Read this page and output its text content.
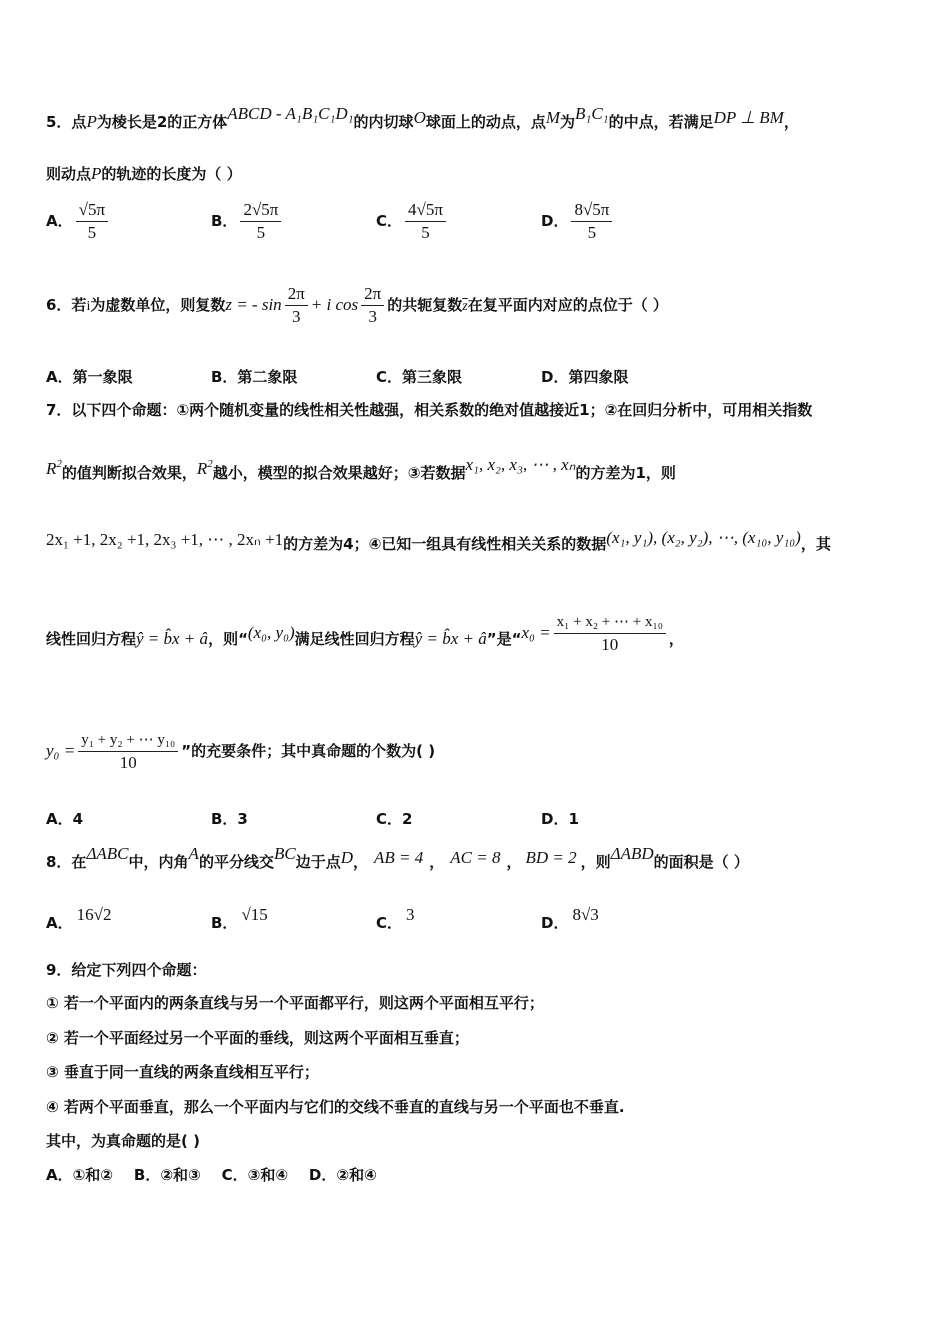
5．点P为棱长是2的正方体ABCD - A₁B₁C₁D₁的内切球O球面上的动点，点M为B₁C₁的中点，若满足DP ⊥ BM，
则动点P的轨迹的长度为（ ）
A． $\frac{√5\pi}{5}$	B． $\frac{2√5\pi}{5}$	C． $\frac{4√5\pi}{5}$	D． $\frac{8√5\pi}{5}$
6．若i为虚数单位，则复数z = - $\sin \frac{2\pi}{3} + i$ $\cos \frac{2\pi}{3}$ 的共轭复数$\overline{z}$在复平面内对应的点位于（ ）
A．第一象限	B．第二象限	C．第三象限	D．第四象限
7．以下四个命题：①两个随机变量的线性相关性越强，相关系数的绝对值越接近1；②在回归分析中，可用相关指数
$R^2$的值判断拟合效果，$R^2$越小，模型的拟合效果越好；③若数据x₁, x₂, x₃, ⋯ , xₙ的方差为1，则
2x₁ +1, 2x₂ +1, 2x₃ +1, ⋯ , 2xₙ +1的方差为4；④已知一组具有线性相关关系的数据(x₁, y₁), (x₂, y₂), ⋯, (x₁₀, y₁₀)，其
线性回归方程ŷ = b̂x + â，则“(x₀, y₀)满足线性回归方程ŷ = b̂x + â”是“$x_0 = \frac{\text{x₁ + x₂ + ⋯ + x₁₀}}{10}$ ，
$y_0 = \frac{\text{y₁ + y₂ + ⋯ y₁₀}}{10}$ ”的充要条件；其中真命题的个数为( )
A．4	B．3	C．2	D．1
8．在ΔABC中，内角A的平分线交BC边于点D， AB = 4 ， AC = 8 ， BD = 2 ，则ΔABD的面积是（ ）
A． 16√2	B． √15	C． 3	D． 8√3
9．给定下列四个命题：
① 若一个平面内的两条直线与另一个平面都平行，则这两个平面相互平行；
② 若一个平面经过另一个平面的垂线，则这两个平面相互垂直；
③ 垂直于同一直线的两条直线相互平行；
④ 若两个平面垂直，那么一个平面内与它们的交线不垂直的直线与另一个平面也不垂直.
其中，为真命题的是( )
A．①和②    B．②和③    C．③和④    D．②和④
